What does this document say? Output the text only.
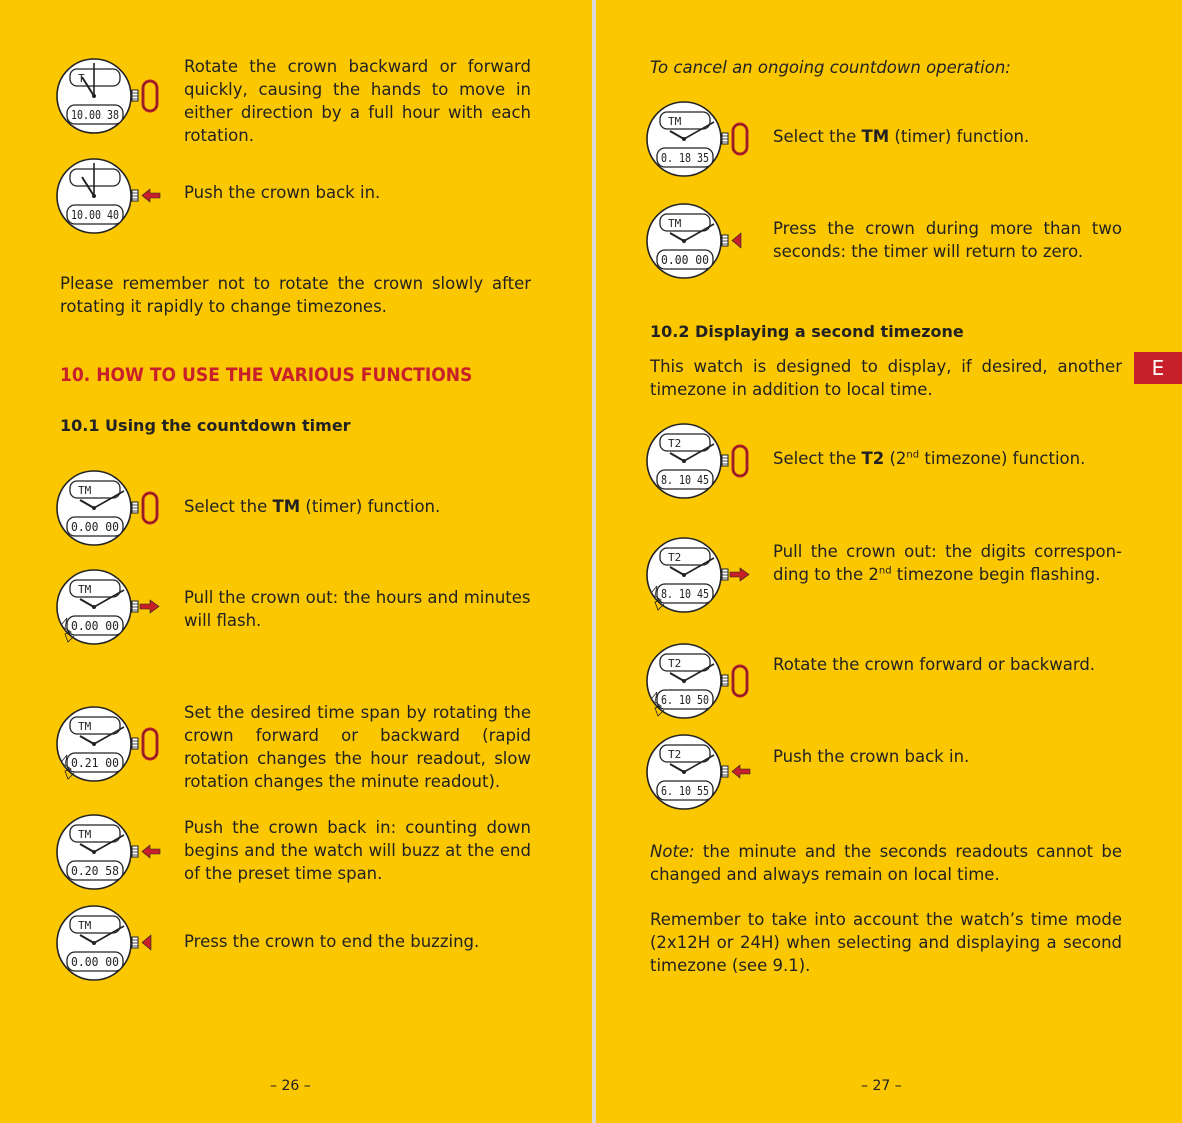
Rotate the crown backward or forward quickly, causing the hands to move in either direction by a full hour with each rotation.
Push the crown back in.
Please remember not to rotate the crown slowly after rotating it rapidly to change timezones.
10. HOW TO USE THE VARIOUS FUNCTIONS
10.1 Using the countdown timer
Select the TM (timer) function.
Pull the crown out: the hours and minutes will flash.
Set the desired time span by rotating the crown forward or backward (rapid rotation changes the hour readout, slow rotation changes the minute readout).
Push the crown back in: counting down begins and the watch will buzz at the end of the preset time span.
Press the crown to end the buzzing.
– 26 –
To cancel an ongoing countdown operation:
Select the TM (timer) function.
Press the crown during more than two seconds: the timer will return to zero.
10.2 Displaying a second timezone
This watch is designed to display, if desired, another timezone in addition to local time.
Select the T2 (2nd timezone) function.
Pull the crown out: the digits correspon-ding to the 2nd timezone begin flashing.
Rotate the crown forward or backward.
Push the crown back in.
Note: the minute and the seconds readouts cannot be changed and always remain on local time.
Remember to take into account the watch’s time mode (2x12H or 24H) when selecting and displaying a second timezone (see 9.1).
– 27 –
E
T
10.00 38
10.00 40
TM
0.00 00
TM
0.00 00
TM
0.21 00
TM
0.20 58
TM
0.00 00
TM
0. 18 35
TM
0.00 00
T2
8. 10 45
T2
8. 10 45
T2
6. 10 50
T2
6. 10 55
